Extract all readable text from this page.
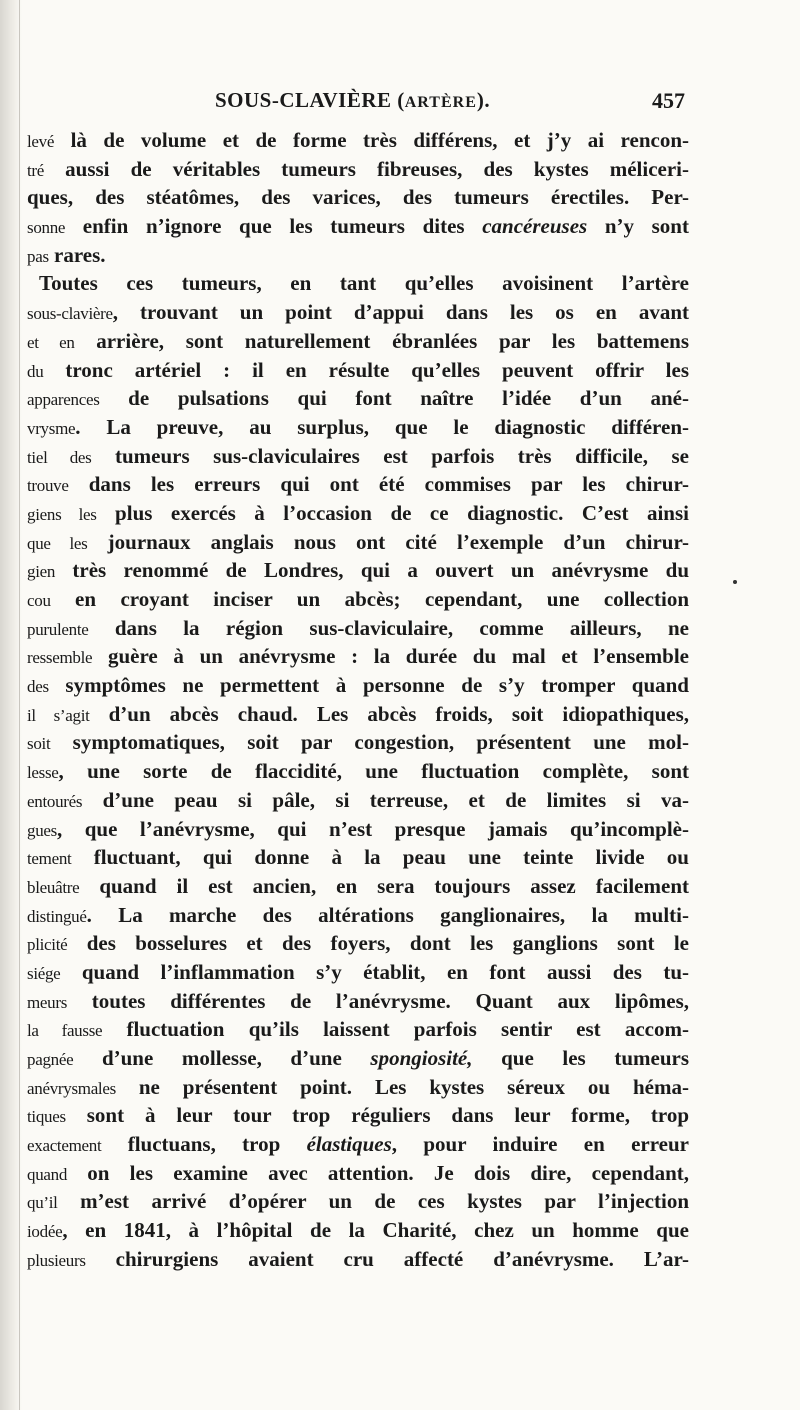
SOUS-CLAVIÈRE (ARTÈRE).	457
levé là de volume et de forme très différens, et j’y ai rencon-
tré aussi de véritables tumeurs fibreuses, des kystes méliceri-
ques, des stéatômes, des varices, des tumeurs érectiles. Per-
sonne enfin n’ignore que les tumeurs dites cancéreuses n’y sont
pas rares.
Toutes ces tumeurs, en tant qu’elles avoisinent l’artère
sous-clavière, trouvant un point d’appui dans les os en avant
et en arrière, sont naturellement ébranlées par les battemens
du tronc artériel : il en résulte qu’elles peuvent offrir les
apparences de pulsations qui font naître l’idée d’un ané-
vrysme. La preuve, au surplus, que le diagnostic différen-
tiel des tumeurs sus-claviculaires est parfois très difficile, se
trouve dans les erreurs qui ont été commises par les chirur-
giens les plus exercés à l’occasion de ce diagnostic. C’est ainsi
que les journaux anglais nous ont cité l’exemple d’un chirur-
gien très renommé de Londres, qui a ouvert un anévrysme du
cou en croyant inciser un abcès; cependant, une collection
purulente dans la région sus-claviculaire, comme ailleurs, ne
ressemble guère à un anévrysme : la durée du mal et l’ensemble
des symptômes ne permettent à personne de s’y tromper quand
il s’agit d’un abcès chaud. Les abcès froids, soit idiopathiques,
soit symptomatiques, soit par congestion, présentent une mol-
lesse, une sorte de flaccidité, une fluctuation complète, sont
entourés d’une peau si pâle, si terreuse, et de limites si va-
gues, que l’anévrysme, qui n’est presque jamais qu’incomplè-
tement fluctuant, qui donne à la peau une teinte livide ou
bleuâtre quand il est ancien, en sera toujours assez facilement
distingué. La marche des altérations ganglionaires, la multi-
plicité des bosselures et des foyers, dont les ganglions sont le
siége quand l’inflammation s’y établit, en font aussi des tu-
meurs toutes différentes de l’anévrysme. Quant aux lipômes,
la fausse fluctuation qu’ils laissent parfois sentir est accom-
pagnée d’une mollesse, d’une spongiosité, que les tumeurs
anévrysmales ne présentent point. Les kystes séreux ou héma-
tiques sont à leur tour trop réguliers dans leur forme, trop
exactement fluctuans, trop élastiques, pour induire en erreur
quand on les examine avec attention. Je dois dire, cependant,
qu’il m’est arrivé d’opérer un de ces kystes par l’injection
iodée, en 1841, à l’hôpital de la Charité, chez un homme que
plusieurs chirurgiens avaient cru affecté d’anévrysme. L’ar-
